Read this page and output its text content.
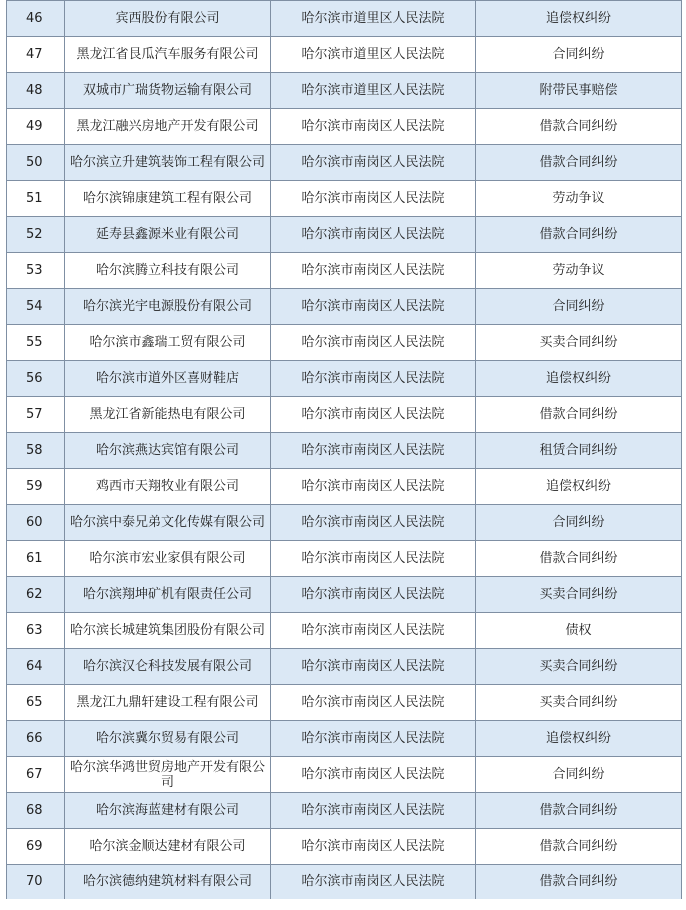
46	宾西股份有限公司	哈尔滨市道里区人民法院	追偿权纠纷
47	黑龙江省艮瓜汽车服务有限公司	哈尔滨市道里区人民法院	合同纠纷
48	双城市广瑞货物运输有限公司	哈尔滨市道里区人民法院	附带民事赔偿
49	黑龙江融兴房地产开发有限公司	哈尔滨市南岗区人民法院	借款合同纠纷
50	哈尔滨立升建筑装饰工程有限公司	哈尔滨市南岗区人民法院	借款合同纠纷
51	哈尔滨锦康建筑工程有限公司	哈尔滨市南岗区人民法院	劳动争议
52	延寿县鑫源米业有限公司	哈尔滨市南岗区人民法院	借款合同纠纷
53	哈尔滨腾立科技有限公司	哈尔滨市南岗区人民法院	劳动争议
54	哈尔滨光宇电源股份有限公司	哈尔滨市南岗区人民法院	合同纠纷
55	哈尔滨市鑫瑞工贸有限公司	哈尔滨市南岗区人民法院	买卖合同纠纷
56	哈尔滨市道外区喜财鞋店	哈尔滨市南岗区人民法院	追偿权纠纷
57	黑龙江省新能热电有限公司	哈尔滨市南岗区人民法院	借款合同纠纷
58	哈尔滨燕达宾馆有限公司	哈尔滨市南岗区人民法院	租赁合同纠纷
59	鸡西市天翔牧业有限公司	哈尔滨市南岗区人民法院	追偿权纠纷
60	哈尔滨中泰兄弟文化传媒有限公司	哈尔滨市南岗区人民法院	合同纠纷
61	哈尔滨市宏业家俱有限公司	哈尔滨市南岗区人民法院	借款合同纠纷
62	哈尔滨翔坤矿机有限责任公司	哈尔滨市南岗区人民法院	买卖合同纠纷
63	哈尔滨长城建筑集团股份有限公司	哈尔滨市南岗区人民法院	债权
64	哈尔滨汉仑科技发展有限公司	哈尔滨市南岗区人民法院	买卖合同纠纷
65	黑龙江九鼎轩建设工程有限公司	哈尔滨市南岗区人民法院	买卖合同纠纷
66	哈尔滨冀尔贸易有限公司	哈尔滨市南岗区人民法院	追偿权纠纷
67	哈尔滨华鸿世贸房地产开发有限公司	哈尔滨市南岗区人民法院	合同纠纷
68	哈尔滨海蓝建材有限公司	哈尔滨市南岗区人民法院	借款合同纠纷
69	哈尔滨金顺达建材有限公司	哈尔滨市南岗区人民法院	借款合同纠纷
70	哈尔滨德纳建筑材料有限公司	哈尔滨市南岗区人民法院	借款合同纠纷
